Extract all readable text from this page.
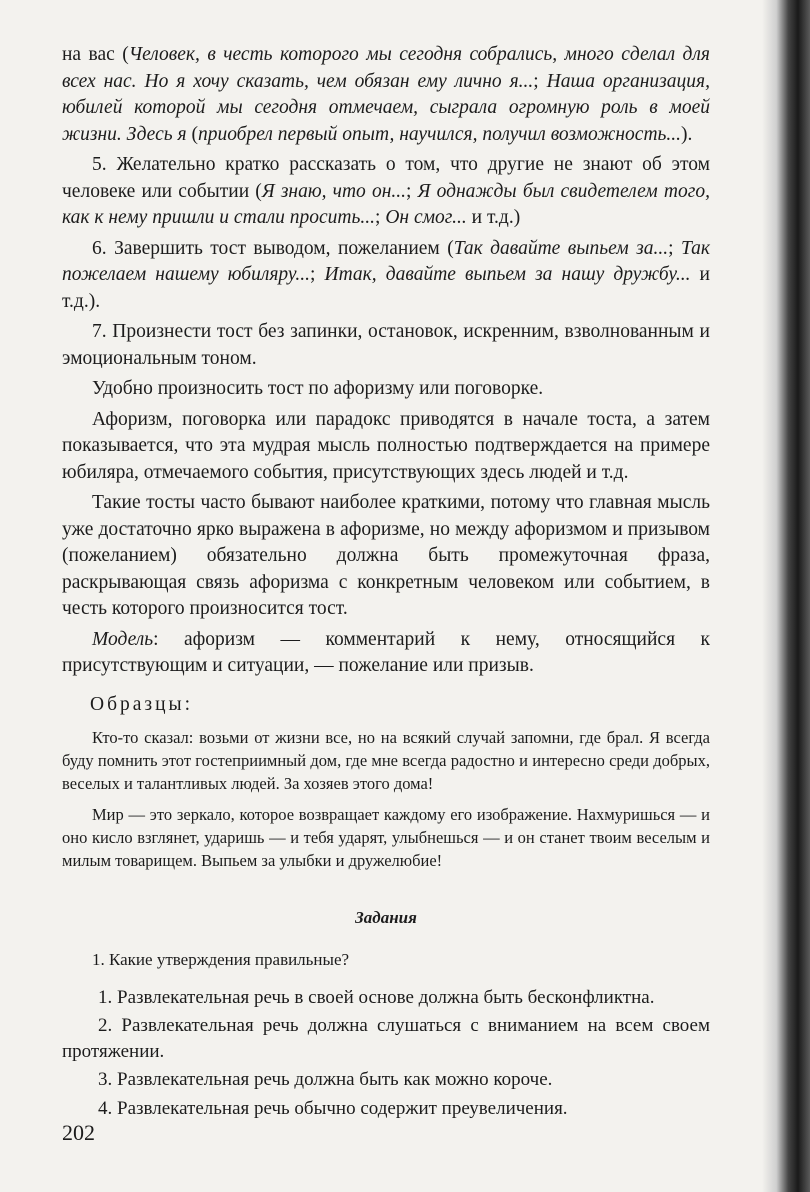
на вас (Человек, в честь которого мы сегодня собрались, много сделал для всех нас. Но я хочу сказать, чем обязан ему лично я...; Наша организация, юбилей которой мы сегодня отмечаем, сыграла огромную роль в моей жизни. Здесь я (приобрел первый опыт, научился, получил возможность...).

5. Желательно кратко рассказать о том, что другие не знают об этом человеке или событии (Я знаю, что он...; Я однажды был свидетелем того, как к нему пришли и стали просить...; Он смог... и т.д.)

6. Завершить тост выводом, пожеланием (Так давайте выпьем за...; Так пожелаем нашему юбиляру...; Итак, давайте выпьем за нашу дружбу... и т.д.).

7. Произнести тост без запинки, остановок, искренним, взволнованным и эмоциональным тоном.

Удобно произносить тост по афоризму или поговорке.

Афоризм, поговорка или парадокс приводятся в начале тоста, а затем показывается, что эта мудрая мысль полностью подтверждается на примере юбиляра, отмечаемого события, присутствующих здесь людей и т.д.

Такие тосты часто бывают наиболее краткими, потому что главная мысль уже достаточно ярко выражена в афоризме, но между афоризмом и призывом (пожеланием) обязательно должна быть промежуточная фраза, раскрывающая связь афоризма с конкретным человеком или событием, в честь которого произносится тост.

Модель: афоризм — комментарий к нему, относящийся к присутствующим и ситуации, — пожелание или призыв.

Образцы:

Кто-то сказал: возьми от жизни все, но на всякий случай запомни, где брал. Я всегда буду помнить этот гостеприимный дом, где мне всегда радостно и интересно среди добрых, веселых и талантливых людей. За хозяев этого дома!

Мир — это зеркало, которое возвращает каждому его изображение. Нахмуришься — и оно кисло взглянет, ударишь — и тебя ударят, улыбнешься — и он станет твоим веселым и милым товарищем. Выпьем за улыбки и дружелюбие!

Задания

1. Какие утверждения правильные?

1. Развлекательная речь в своей основе должна быть бесконфликтна.

2. Развлекательная речь должна слушаться с вниманием на всем своем протяжении.

3. Развлекательная речь должна быть как можно короче.

4. Развлекательная речь обычно содержит преувеличения.

202
